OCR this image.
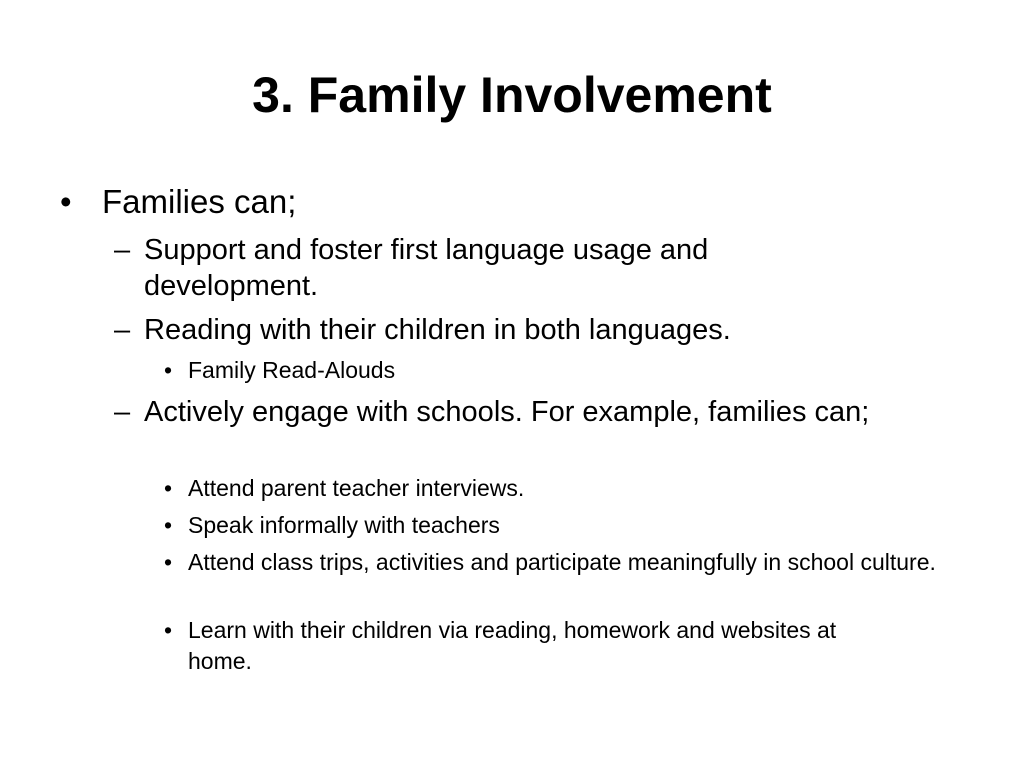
3. Family Involvement
• Families can;
– Support and foster first language usage and development.
– Reading with their children in both languages.
• Family Read-Alouds
– Actively engage with schools. For example, families can;
• Attend parent teacher interviews.
• Speak informally with teachers
• Attend class trips, activities and participate meaningfully in school culture.
• Learn with their children via reading, homework and websites at home.
